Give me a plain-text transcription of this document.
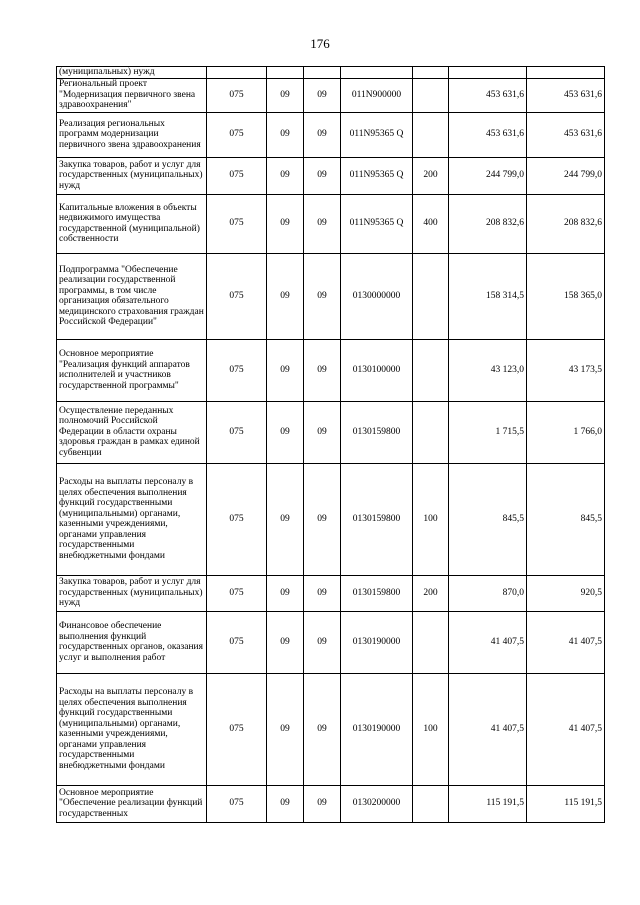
176
(муниципальных) нужд							
Региональный проект "Модернизация первичного звена здравоохранения"	075	09	09	011N900000		453 631,6	453 631,6
Реализация региональных программ модернизации первичного звена здравоохранения	075	09	09	011N95365 Q		453 631,6	453 631,6
Закупка товаров, работ и услуг для государственных (муниципальных) нужд	075	09	09	011N95365 Q	200	244 799,0	244 799,0
Капитальные вложения в объекты недвижимого имущества государственной (муниципальной) собственности	075	09	09	011N95365 Q	400	208 832,6	208 832,6
Подпрограмма "Обеспечение реализации государственной программы, в том числе организация обязательного медицинского страхования граждан Российской Федерации"	075	09	09	0130000000		158 314,5	158 365,0
Основное мероприятие "Реализация функций аппаратов исполнителей и участников государственной программы"	075	09	09	0130100000		43 123,0	43 173,5
Осуществление переданных полномочий Российской Федерации в области охраны здоровья граждан в рамках единой субвенции	075	09	09	0130159800		1 715,5	1 766,0
Расходы на выплаты персоналу в целях обеспечения выполнения функций государственными (муниципальными) органами, казенными учреждениями, органами управления государственными внебюджетными фондами	075	09	09	0130159800	100	845,5	845,5
Закупка товаров, работ и услуг для государственных (муниципальных) нужд	075	09	09	0130159800	200	870,0	920,5
Финансовое обеспечение выполнения функций государственных органов, оказания услуг и выполнения работ	075	09	09	0130190000		41 407,5	41 407,5
Расходы на выплаты персоналу в целях обеспечения выполнения функций государственными (муниципальными) органами, казенными учреждениями, органами управления государственными внебюджетными фондами	075	09	09	0130190000	100	41 407,5	41 407,5
Основное мероприятие "Обеспечение реализации функций государственных	075	09	09	0130200000		115 191,5	115 191,5
